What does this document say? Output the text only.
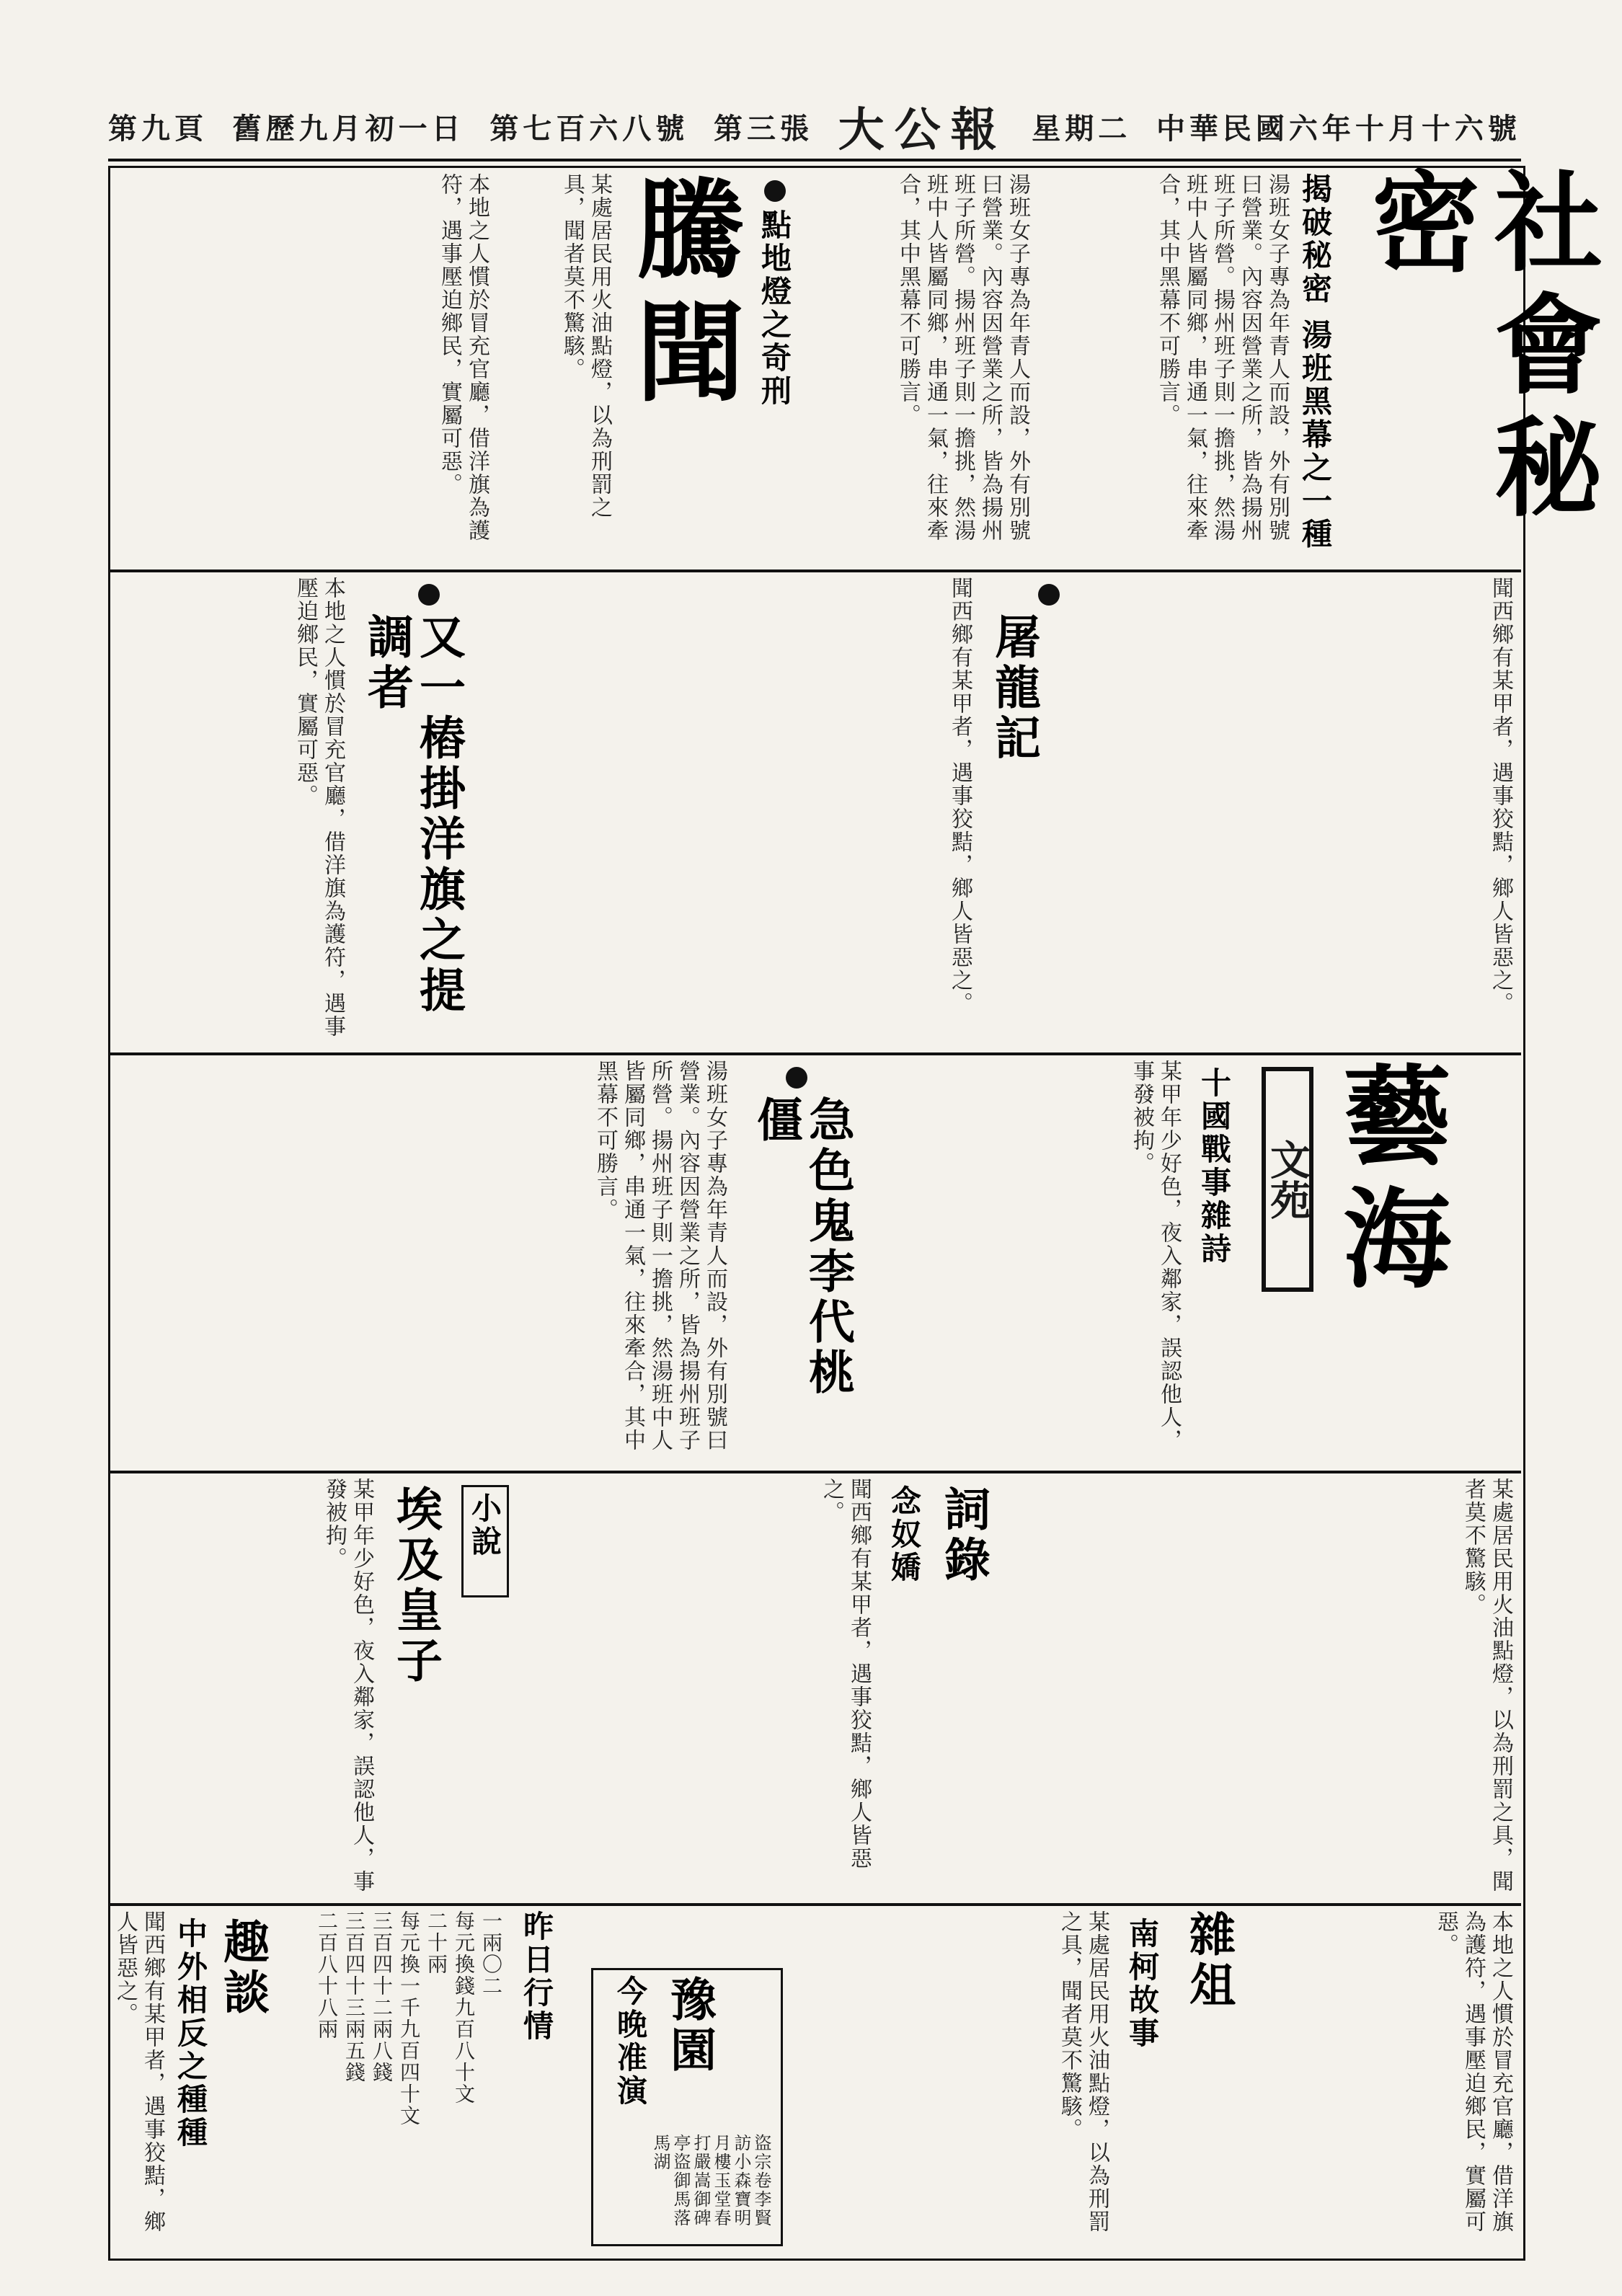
第九頁 舊歷九月初一日 第七百六八號 第三張 大公報 星期二 中華民國六年十月十六號
社會秘密
揭破秘密 湯班黑幕之一種
湯班女子專為年青人而設，外有別號曰營業。內容因營業之所，皆為揚州班子所營。揚州班子則一擔挑，然湯班中人皆屬同鄉，串通一氣，往來牽合，其中黑幕不可勝言。
湯班女子專為年青人而設，外有別號曰營業。內容因營業之所，皆為揚州班子所營。揚州班子則一擔挑，然湯班中人皆屬同鄉，串通一氣，往來牽合，其中黑幕不可勝言。
騰聞 點地燈之奇刑
某處居民用火油點燈，以為刑罰之具，聞者莫不驚駭。
本地之人慣於冒充官廳，借洋旗為護符，遇事壓迫鄉民，實屬可惡。
聞西鄉有某甲者，遇事狡黠，鄉人皆惡之。
屠龍記
聞西鄉有某甲者，遇事狡黠，鄉人皆惡之。
又一樁掛洋旗之提調者
本地之人慣於冒充官廳，借洋旗為護符，遇事壓迫鄉民，實屬可惡。
藝海
文苑
十國戰事雜詩
某甲年少好色，夜入鄰家，誤認他人，事發被拘。
急色鬼李代桃僵
湯班女子專為年青人而設，外有別號曰營業。內容因營業之所，皆為揚州班子所營。揚州班子則一擔挑，然湯班中人皆屬同鄉，串通一氣，往來牽合，其中黑幕不可勝言。
詞錄
念奴嬌	某處居民用火油點燈，以為刑罰之具，聞者莫不驚駭。
聞西鄉有某甲者，遇事狡黠，鄉人皆惡之。
小說
埃及皇子
某甲年少好色，夜入鄰家，誤認他人，事發被拘。
雜俎
南柯故事	本地之人慣於冒充官廳，借洋旗為護符，遇事壓迫鄉民，實屬可惡。
某處居民用火油點燈，以為刑罰之具，聞者莫不驚駭。
豫園
今晚准演
盜宗卷李賢訪小森寶明月樓玉堂春打嚴嵩御碑亭盜御馬落馬湖
昨日行情
一兩〇二
每元換錢九百八十文
二十兩
每元換一千九百四十文
三百四十二兩八錢
三百四十三兩五錢
二百八十八兩
趣談
中外相反之種種
聞西鄉有某甲者，遇事狡黠，鄉人皆惡之。
